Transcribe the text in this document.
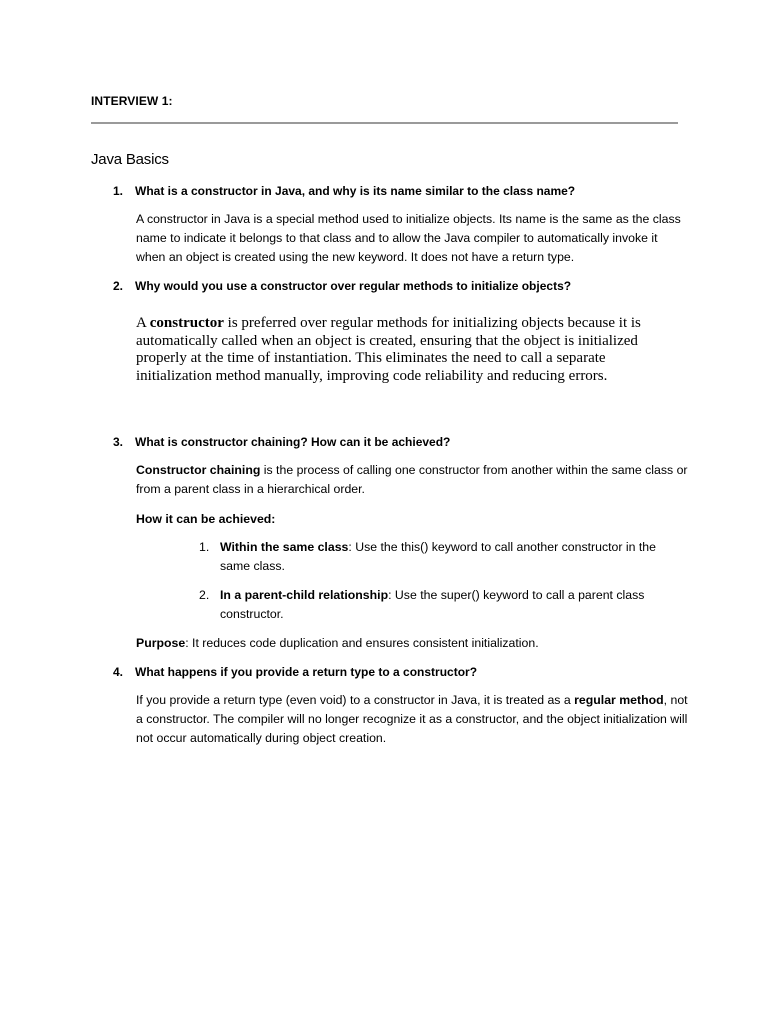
INTERVIEW 1:
Java Basics
1. What is a constructor in Java, and why is its name similar to the class name?
A constructor in Java is a special method used to initialize objects. Its name is the same as the class name to indicate it belongs to that class and to allow the Java compiler to automatically invoke it when an object is created using the new keyword. It does not have a return type.
2. Why would you use a constructor over regular methods to initialize objects?
A constructor is preferred over regular methods for initializing objects because it is automatically called when an object is created, ensuring that the object is initialized properly at the time of instantiation. This eliminates the need to call a separate initialization method manually, improving code reliability and reducing errors.
3. What is constructor chaining? How can it be achieved?
Constructor chaining is the process of calling one constructor from another within the same class or from a parent class in a hierarchical order.
How it can be achieved:
1. Within the same class: Use the this() keyword to call another constructor in the same class.
2. In a parent-child relationship: Use the super() keyword to call a parent class constructor.
Purpose: It reduces code duplication and ensures consistent initialization.
4. What happens if you provide a return type to a constructor?
If you provide a return type (even void) to a constructor in Java, it is treated as a regular method, not a constructor. The compiler will no longer recognize it as a constructor, and the object initialization will not occur automatically during object creation.
